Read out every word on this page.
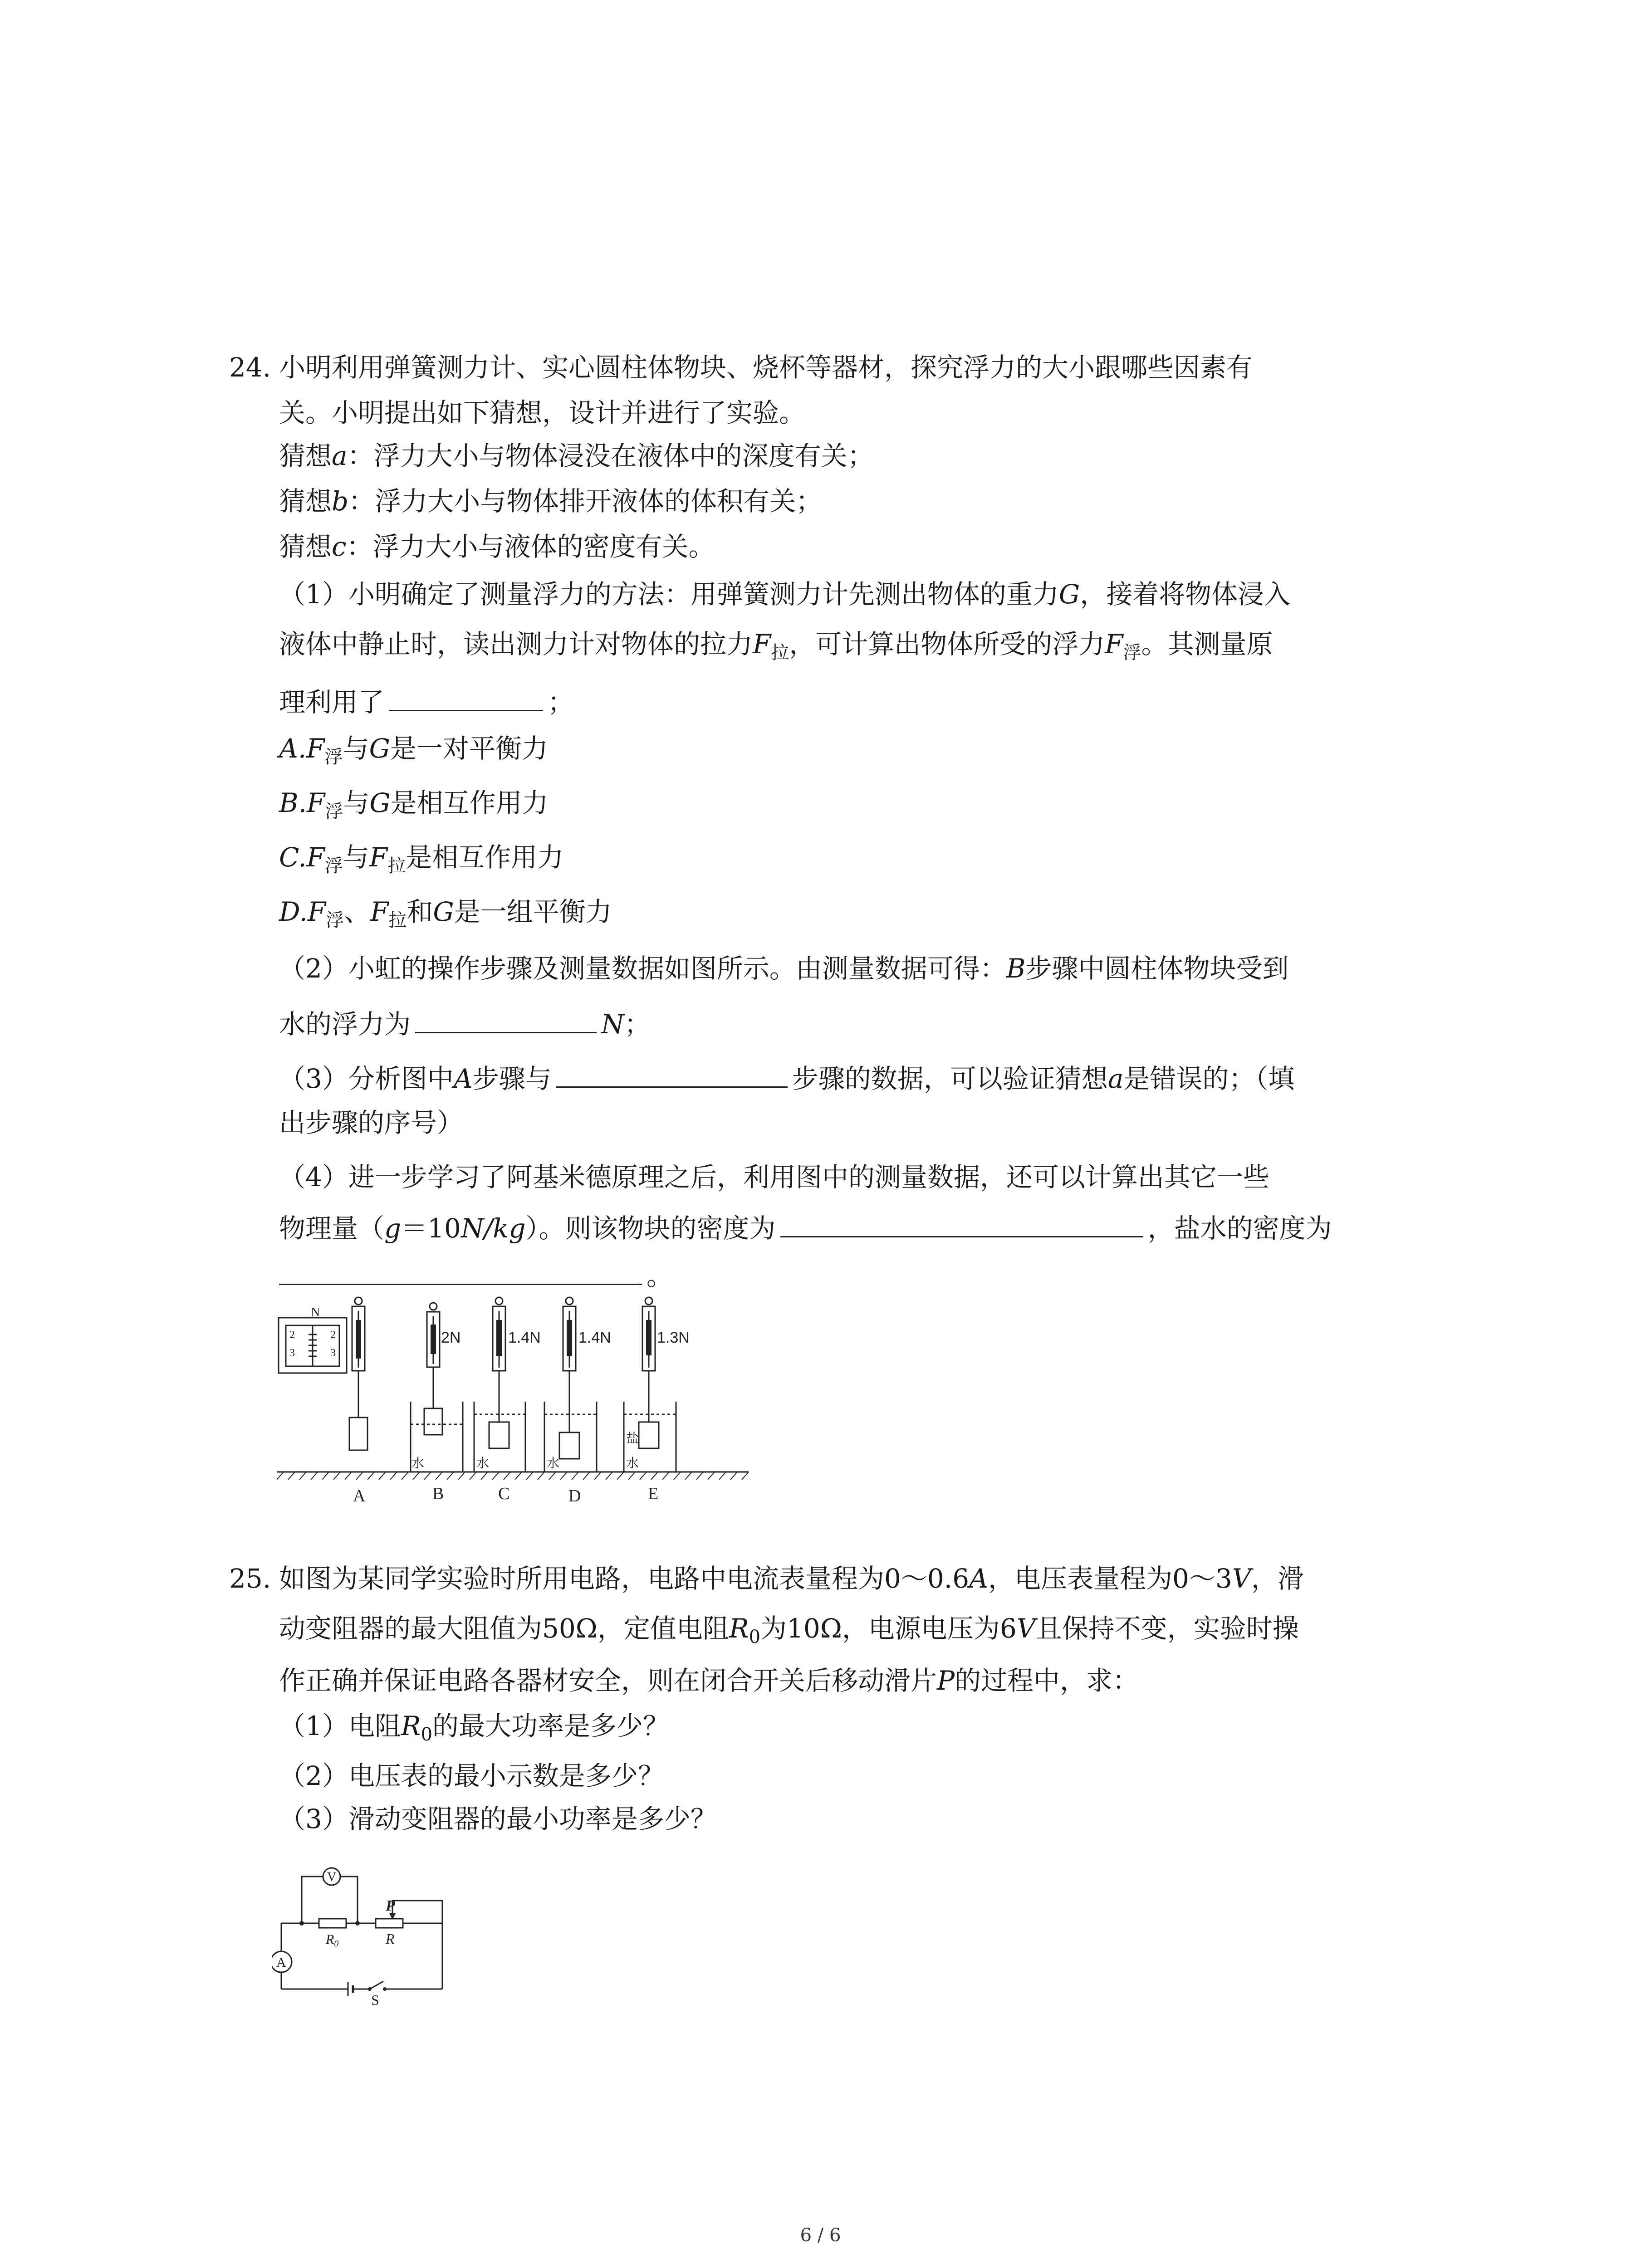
24. 小明利用弹簧测力计、实心圆柱体物块、烧杯等器材，探究浮力的大小跟哪些因素有
关。小明提出如下猜想，设计并进行了实验。
猜想a：浮力大小与物体浸没在液体中的深度有关；
猜想b：浮力大小与物体排开液体的体积有关；
猜想c：浮力大小与液体的密度有关。
（1）小明确定了测量浮力的方法：用弹簧测力计先测出物体的重力G，接着将物体浸入
液体中静止时，读出测力计对物体的拉力$F_拉$，可计算出物体所受的浮力$F_浮$。其测量原
理利用了	；
$A.F_浮$与G是一对平衡力
$B.F_浮$与G是相互作用力
$C.F_浮$与$F_拉$是相互作用力
$D.F_浮$、$F_拉$和G是一组平衡力
（2）小虹的操作步骤及测量数据如图所示。由测量数据可得：B步骤中圆柱体物块受到
水的浮力为	N；
（3）分析图中A步骤与	步骤的数据，可以验证猜想a是错误的；（填
出步骤的序号）
（4）进一步学习了阿基米德原理之后，利用图中的测量数据，还可以计算出其它一些
物理量（g＝10N/kg）。则该物块的密度为	，盐水的密度为
。
N
2
3
2
3
2N	1.4N 1.4N	1.3N
水	水	水
盐
水
A	B	C	D	E
25. 如图为某同学实验时所用电路，电路中电流表量程为0～0.6A，电压表量程为0～3V，滑
动变阻器的最大阻值为50Ω，定值电阻$R_0$为10Ω，电源电压为6V且保持不变，实验时操
作正确并保证电路各器材安全，则在闭合开关后移动滑片P的过程中，求：
（1）电阻$R_0$的最大功率是多少？
（2）电压表的最小示数是多少？
（3）滑动变阻器的最小功率是多少？
V
A
P
$R_0$	R
S
6 / 6
